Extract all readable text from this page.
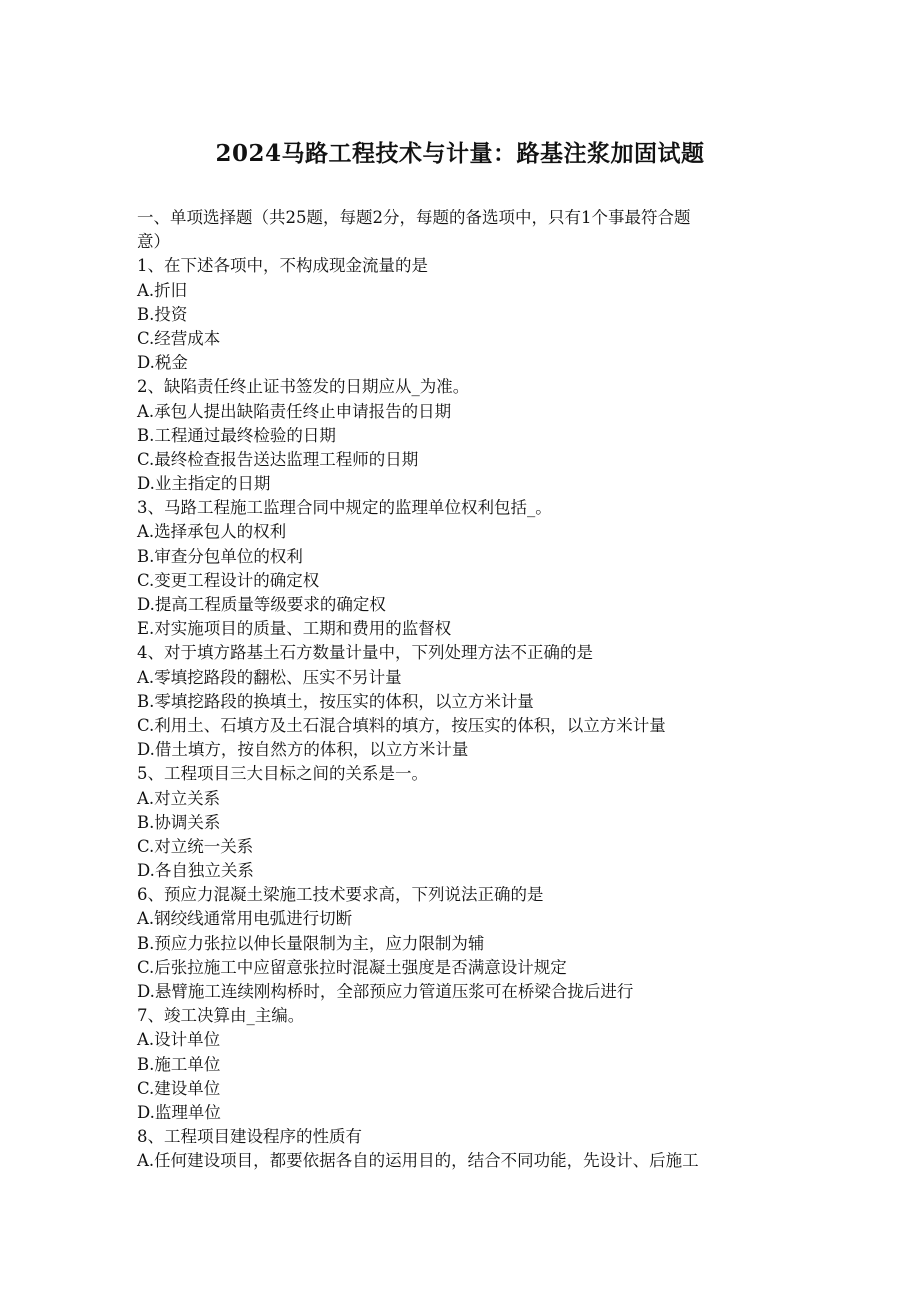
2024马路工程技术与计量：路基注浆加固试题
一、单项选择题（共25题，每题2分，每题的备选项中，只有1个事最符合题
意）
1、在下述各项中，不构成现金流量的是
A.折旧
B.投资
C.经营成本
D.税金
2、缺陷责任终止证书签发的日期应从_为准。
A.承包人提出缺陷责任终止申请报告的日期
B.工程通过最终检验的日期
C.最终检查报告送达监理工程师的日期
D.业主指定的日期
3、马路工程施工监理合同中规定的监理单位权利包括_。
A.选择承包人的权利
B.审查分包单位的权利
C.变更工程设计的确定权
D.提高工程质量等级要求的确定权
E.对实施项目的质量、工期和费用的监督权
4、对于填方路基土石方数量计量中，下列处理方法不正确的是
A.零填挖路段的翻松、压实不另计量
B.零填挖路段的换填土，按压实的体积，以立方米计量
C.利用土、石填方及土石混合填料的填方，按压实的体积，以立方米计量
D.借土填方，按自然方的体积，以立方米计量
5、工程项目三大目标之间的关系是一。
A.对立关系
B.协调关系
C.对立统一关系
D.各自独立关系
6、预应力混凝土梁施工技术要求高，下列说法正确的是
A.钢绞线通常用电弧进行切断
B.预应力张拉以伸长量限制为主，应力限制为辅
C.后张拉施工中应留意张拉时混凝土强度是否满意设计规定
D.悬臂施工连续刚构桥时，全部预应力管道压浆可在桥梁合拢后进行
7、竣工决算由_主编。
A.设计单位
B.施工单位
C.建设单位
D.监理单位
8、工程项目建设程序的性质有
A.任何建设项目，都要依据各自的运用目的，结合不同功能，先设计、后施工
